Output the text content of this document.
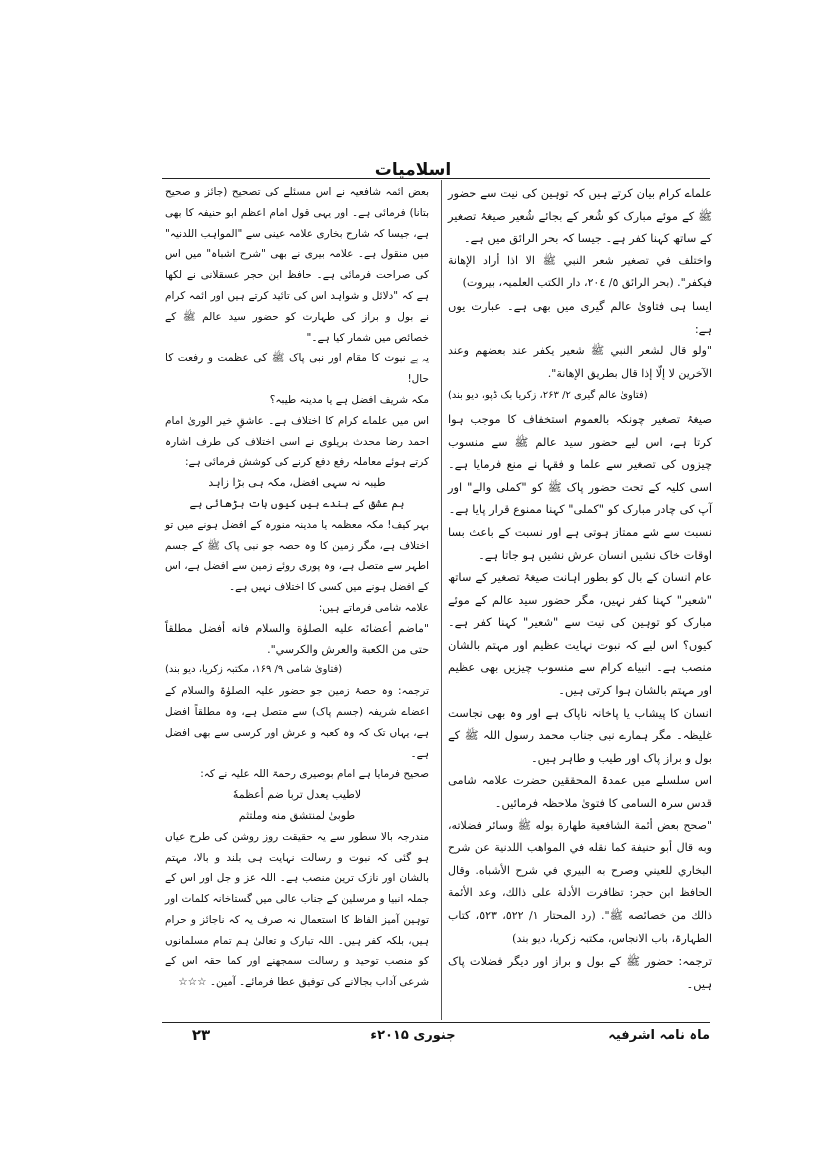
اسلامیات

علماے کرام بیان کرتے ہیں کہ توہین کی نیت سے حضور ﷺ کے موئے مبارک کو شُعر کے بجائے شُعیر صیغۂ تصغیر کے ساتھ کہنا کفر ہے۔ جیسا کہ بحر الرائق میں ہے۔

واختلف في تصغير شعر النبي ﷺ الا اذا أراد الإهانة فيكفر". (بحر الرائق ٥/ ٢٠٤، دار الکتب العلمیہ، بیروت)

ایسا ہی فتاویٰ عالم گیری میں بھی ہے۔ عبارت یوں ہے:

"ولو قال لشعر النبي ﷺ شعير يكفر عند بعضهم وعند الآخرين لا إلّا إذا قال بطريق الإهانة".

(فتاویٰ عالم گیری ۲/ ۲۶۳، زکریا بک ڈپو، دیو بند)

صیغۂ تصغیر چونکہ بالعموم استخفاف کا موجب ہوا کرتا ہے، اس لیے حضور سید عالم ﷺ سے منسوب چیزوں کی تصغیر سے علما و فقہا نے منع فرمایا ہے۔ اسی کلیہ کے تحت حضور پاک ﷺ کو "کملی والے" اور آپ کی چادر مبارک کو "کملی" کہنا ممنوع قرار پایا ہے۔

نسبت سے شے ممتاز ہوتی ہے اور نسبت کے باعث بسا اوقات خاک نشیں انسان عرش نشیں ہو جاتا ہے۔

عام انسان کے بال کو بطور اہانت صیغۂ تصغیر کے ساتھ "شعیر" کہنا کفر نہیں، مگر حضور سید عالم کے موئے مبارک کو توہین کی نیت سے "شعیر" کہنا کفر ہے۔ کیوں؟ اس لیے کہ نبوت نہایت عظیم اور مہتم بالشان منصب ہے۔ انبیاے کرام سے منسوب چیزیں بھی عظیم اور مہتم بالشان ہوا کرتی ہیں۔

انسان کا پیشاب یا پاخانہ ناپاک ہے اور وہ بھی نجاست غلیظہ۔ مگر ہمارے نبی جناب محمد رسول اللہ ﷺ کے بول و براز پاک اور طیب و طاہر ہیں۔

اس سلسلے میں عمدۃ المحققین حضرت علامہ شامی قدس سرہ السامی کا فتویٰ ملاحظہ فرمائیں۔

"صحح بعض أئمة الشافعية طهارة بوله ﷺ وسائر فضلاته، وبه قال أبو حنيفة كما نقله في المواهب اللدنية عن شرح البخاري للعيني وصرح به البيري في شرح الأشباه. وقال الحافظ ابن حجر: تظافرت الأدلة على ذالك، وعد الأئمة ذالك من خصائصه ﷺ". (رد المحتار ١/ ٥٢٢، ٥٢٣، کتاب الطہارۃ، باب الانجاس، مکتبہ زکریا، دیو بند)

ترجمہ: حضور ﷺ کے بول و براز اور دیگر فضلات پاک ہیں۔

بعض ائمہ شافعیہ نے اس مسئلے کی تصحیح (جائز و صحیح بتانا) فرمائی ہے۔ اور یہی قول امام اعظم ابو حنیفہ کا بھی ہے، جیسا کہ شارح بخاری علامہ عینی سے "المواہب اللدنیہ" میں منقول ہے۔ علامہ بیری نے بھی "شرح اشباہ" میں اس کی صراحت فرمائی ہے۔ حافظ ابن حجر عسقلانی نے لکھا ہے کہ "دلائل و شواہد اس کی تائید کرتے ہیں اور ائمہ کرام نے بول و براز کی طہارت کو حضور سید عالم ﷺ کے خصائص میں شمار کیا ہے۔"

یہ ہے نبوت کا مقام اور نبی پاک ﷺ کی عظمت و رفعت کا حال!

مکہ شریف افضل ہے یا مدینہ طیبہ؟

اس میں علماے کرام کا اختلاف ہے۔ عاشقِ خیر الوریٰ امام احمد رضا محدث بریلوی نے اسی اختلاف کی طرف اشارہ کرتے ہوئے معاملہ رفع دفع کرنے کی کوشش فرمائی ہے:

طیبہ نہ سہی افضل، مکہ ہی بڑا زاہد

ہم عشق کے بندے ہیں کیوں بات بڑھائی ہے

بہر کیف! مکہ معظمہ یا مدینہ منورہ کے افضل ہونے میں تو اختلاف ہے، مگر زمین کا وہ حصہ جو نبی پاک ﷺ کے جسم اطہر سے متصل ہے، وہ پوری روئے زمین سے افضل ہے، اس کے افضل ہونے میں کسی کا اختلاف نہیں ہے۔

علامہ شامی فرماتے ہیں:

"ماضم أعضائه عليه الصلوٰة والسلام فانه أفضل مطلقاً حتى من الكعبة والعرش والكرسي".

(فتاویٰ شامی ۹/ ۱۶۹، مکتبہ زکریا، دیو بند)

ترجمہ: وہ حصۂ زمین جو حضور علیہ الصلوٰۃ والسلام کے اعضاے شریفہ (جسم پاک) سے متصل ہے، وہ مطلقاً افضل ہے، یہاں تک کہ وہ کعبہ و عرش اور کرسی سے بھی افضل ہے۔

صحیح فرمایا ہے امام بوصیری رحمۃ اللہ علیہ نے کہ:

لاطيب يعدل تربا ضم أعظمهٗ

طوبىٰ لمنتشق منه وملتثم

مندرجہ بالا سطور سے یہ حقیقت روز روشن کی طرح عیاں ہو گئی کہ نبوت و رسالت نہایت ہی بلند و بالا، مہتم بالشان اور نازک ترین منصب ہے۔ اللہ عز و جل اور اس کے جملہ انبیا و مرسلین کے جناب عالی میں گستاخانہ کلمات اور توہین آمیز الفاظ کا استعمال نہ صرف یہ کہ ناجائز و حرام ہیں، بلکہ کفر ہیں۔ اللہ تبارک و تعالیٰ ہم تمام مسلمانوں کو منصب توحید و رسالت سمجھنے اور کما حقہ اس کے شرعی آداب بجالانے کی توفیق عطا فرمائے۔ آمین۔ ☆☆☆

ماہ نامہ اشرفیہ
جنوری ۲۰۱۵ء
۲۳
